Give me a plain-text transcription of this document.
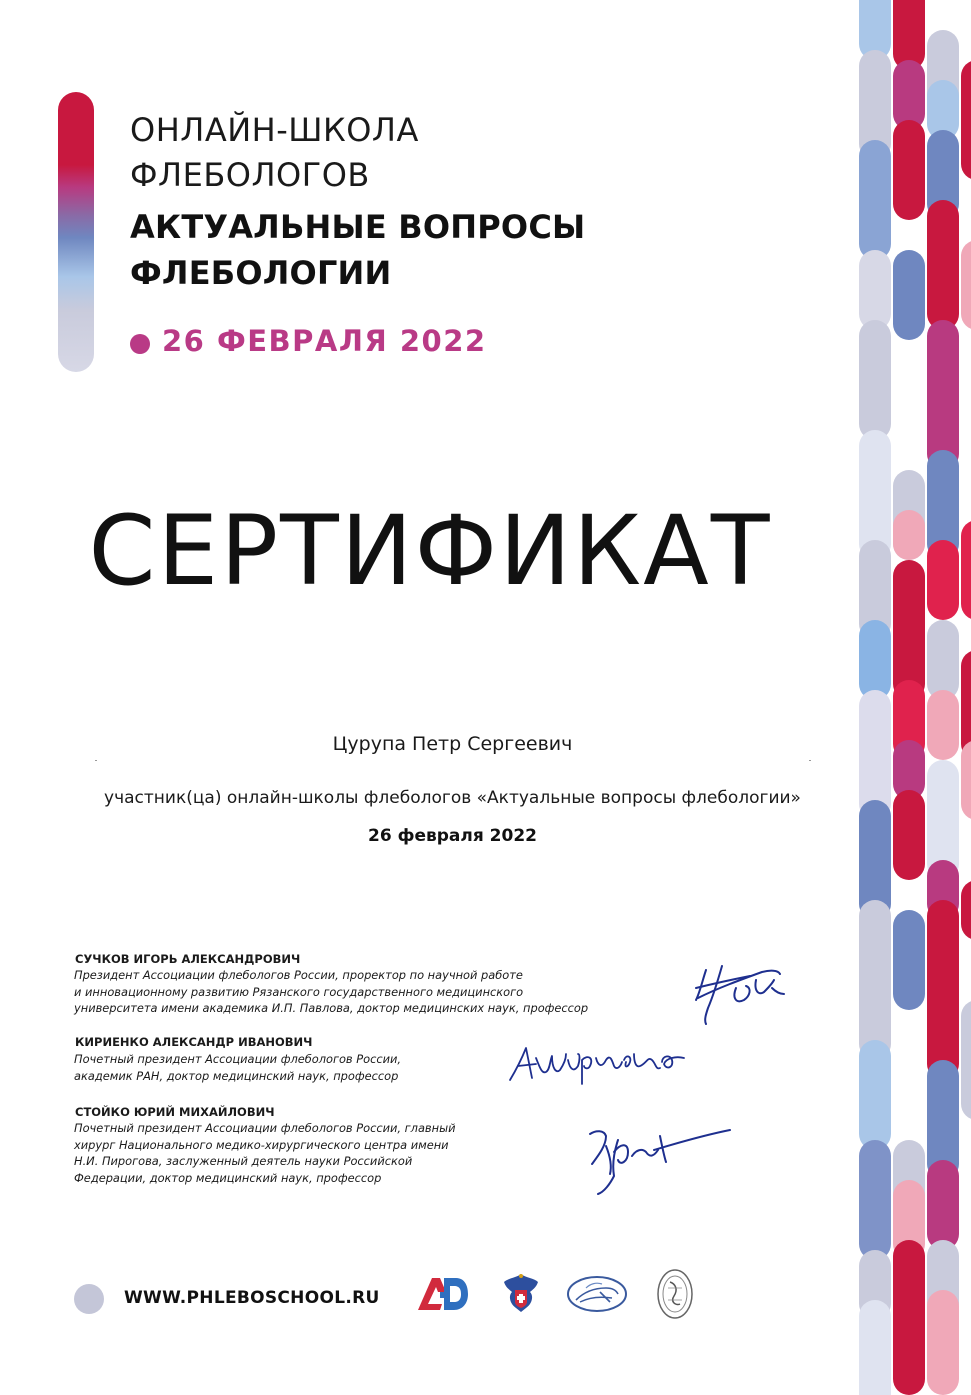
ОНЛАЙН-ШКОЛА
ФЛЕБОЛОГОВ
АКТУАЛЬНЫЕ ВОПРОСЫ
ФЛЕБОЛОГИИ
26 ФЕВРАЛЯ 2022
СЕРТИФИКАТ
Цурупа Петр Сергеевич
участник(ца) онлайн-школы флебологов «Актуальные вопросы флебологии»
26 февраля 2022
СУЧКОВ ИГОРЬ АЛЕКСАНДРОВИЧ
Президент Ассоциации флебологов России, проректор по научной работе
и инновационному развитию Рязанского государственного медицинского
университета имени академика И.П. Павлова, доктор медицинских наук, профессор
КИРИЕНКО АЛЕКСАНДР ИВАНОВИЧ
Почетный президент Ассоциации флебологов России,
академик РАН, доктор медицинский наук, профессор
СТОЙКО ЮРИЙ МИХАЙЛОВИЧ
Почетный президент Ассоциации флебологов России, главный
хирург Национального медико-хирургического центра имени
Н.И. Пирогова, заслуженный деятель науки Российской
Федерации, доктор медицинский наук, профессор
WWW.PHLEBOSCHOOL.RU	АФР
